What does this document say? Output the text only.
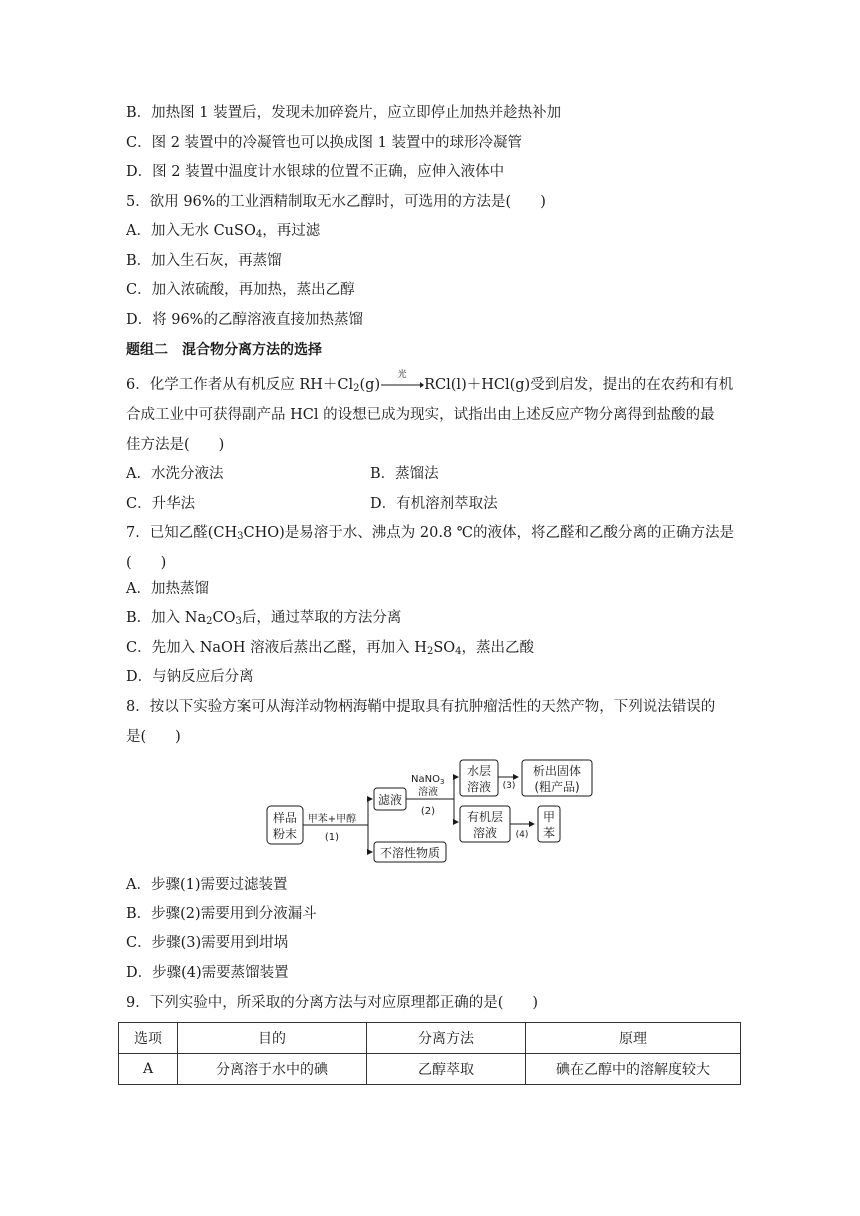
B．加热图 1 装置后，发现未加碎瓷片，应立即停止加热并趁热补加
C．图 2 装置中的冷凝管也可以换成图 1 装置中的球形冷凝管
D．图 2 装置中温度计水银球的位置不正确，应伸入液体中
5．欲用 96%的工业酒精制取无水乙醇时，可选用的方法是(　　)
A．加入无水 CuSO$_4$，再过滤
B．加入生石灰，再蒸馏
C．加入浓硫酸，再加热，蒸出乙醇
D．将 96%的乙醇溶液直接加热蒸馏
题组二　混合物分离方法的选择
6．化学工作者从有机反应 $RH+Cl_2(g)$
光
RCl(l)＋HCl(g)受到启发，提出的在农药和有机
合成工业中可获得副产品 HCl 的设想已成为现实，试指出由上述反应产物分离得到盐酸的最
佳方法是(　　)
A．水洗分液法	B．蒸馏法
C．升华法	D．有机溶剂萃取法
7．已知乙醛$(CH_3CHO)$是易溶于水、沸点为 20.8 ℃的液体，将乙醛和乙酸分离的正确方法是
(　　)
A．加热蒸馏
B．加入 $Na_2CO_3$后，通过萃取的方法分离
C．先加入 NaOH 溶液后蒸出乙醛，再加入 $H_2SO_4$，蒸出乙酸
D．与钠反应后分离
8．按以下实验方案可从海洋动物柄海鞘中提取具有抗肿瘤活性的天然产物，下列说法错误的
是(　　)
样品
粉末
甲苯+甲醇
(1)
滤液
不溶性物质
NaNO$_3$
溶液
(2)
水层
溶液 (3)
析出固体
(粗产品)
有机层
溶液 (4)
甲
苯
A．步骤(1)需要过滤装置
B．步骤(2)需要用到分液漏斗
C．步骤(3)需要用到坩埚
D．步骤(4)需要蒸馏装置
9．下列实验中，所采取的分离方法与对应原理都正确的是(　　)
选项	目的	分离方法	原理
A	分离溶于水中的碘	乙醇萃取	碘在乙醇中的溶解度较大
